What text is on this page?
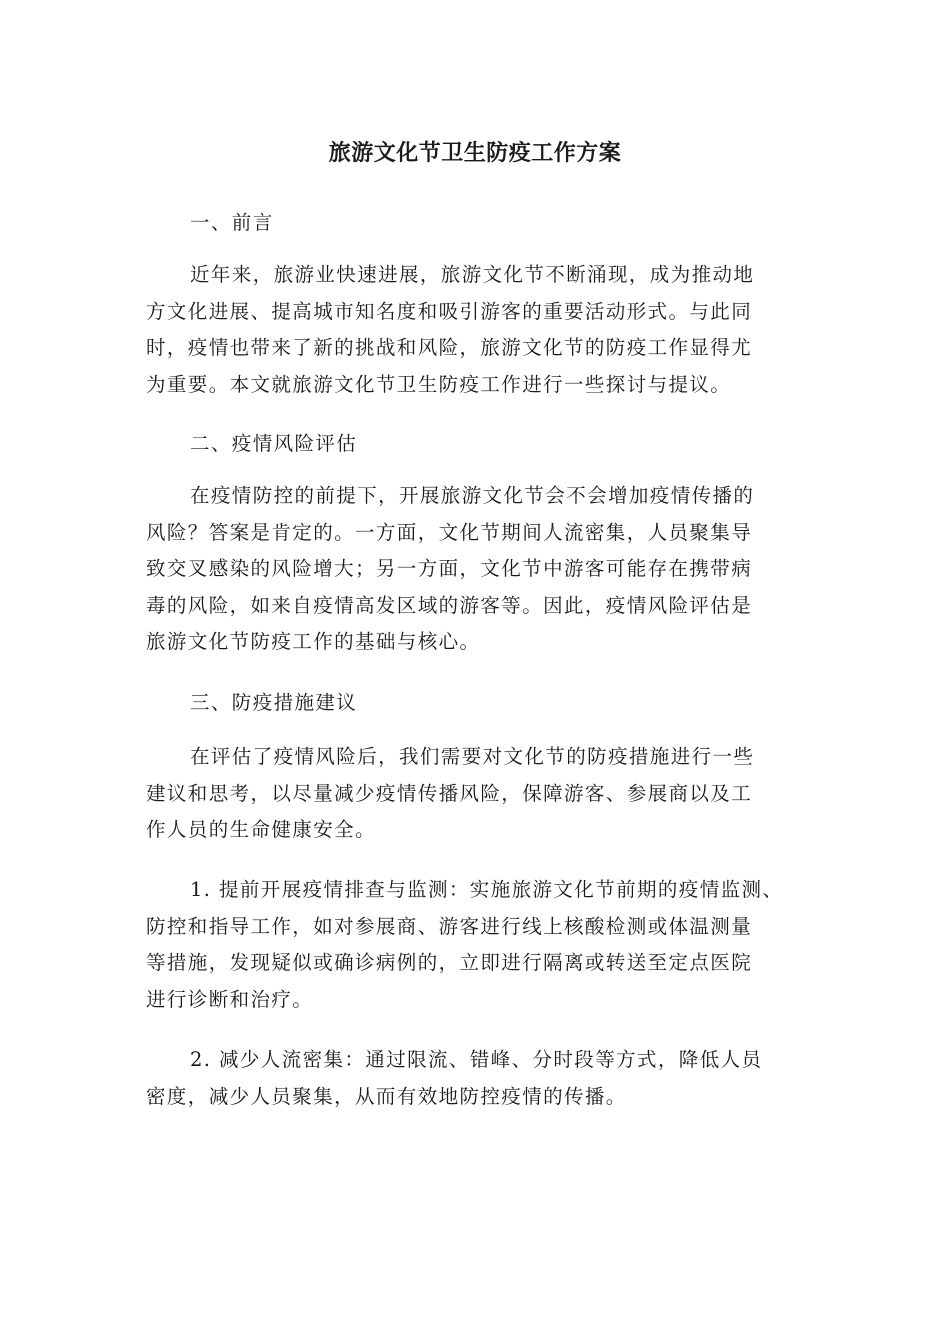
旅游文化节卫生防疫工作方案
一、前言
近年来，旅游业快速进展，旅游文化节不断涌现，成为推动地
方文化进展、提高城市知名度和吸引游客的重要活动形式。与此同
时，疫情也带来了新的挑战和风险，旅游文化节的防疫工作显得尤
为重要。本文就旅游文化节卫生防疫工作进行一些探讨与提议。
二、疫情风险评估
在疫情防控的前提下，开展旅游文化节会不会增加疫情传播的
风险？答案是肯定的。一方面，文化节期间人流密集，人员聚集导
致交叉感染的风险增大；另一方面，文化节中游客可能存在携带病
毒的风险，如来自疫情高发区域的游客等。因此，疫情风险评估是
旅游文化节防疫工作的基础与核心。
三、防疫措施建议
在评估了疫情风险后，我们需要对文化节的防疫措施进行一些
建议和思考，以尽量减少疫情传播风险，保障游客、参展商以及工
作人员的生命健康安全。
1. 提前开展疫情排查与监测：实施旅游文化节前期的疫情监测、
防控和指导工作，如对参展商、游客进行线上核酸检测或体温测量
等措施，发现疑似或确诊病例的，立即进行隔离或转送至定点医院
进行诊断和治疗。
2. 减少人流密集：通过限流、错峰、分时段等方式，降低人员
密度，减少人员聚集，从而有效地防控疫情的传播。
